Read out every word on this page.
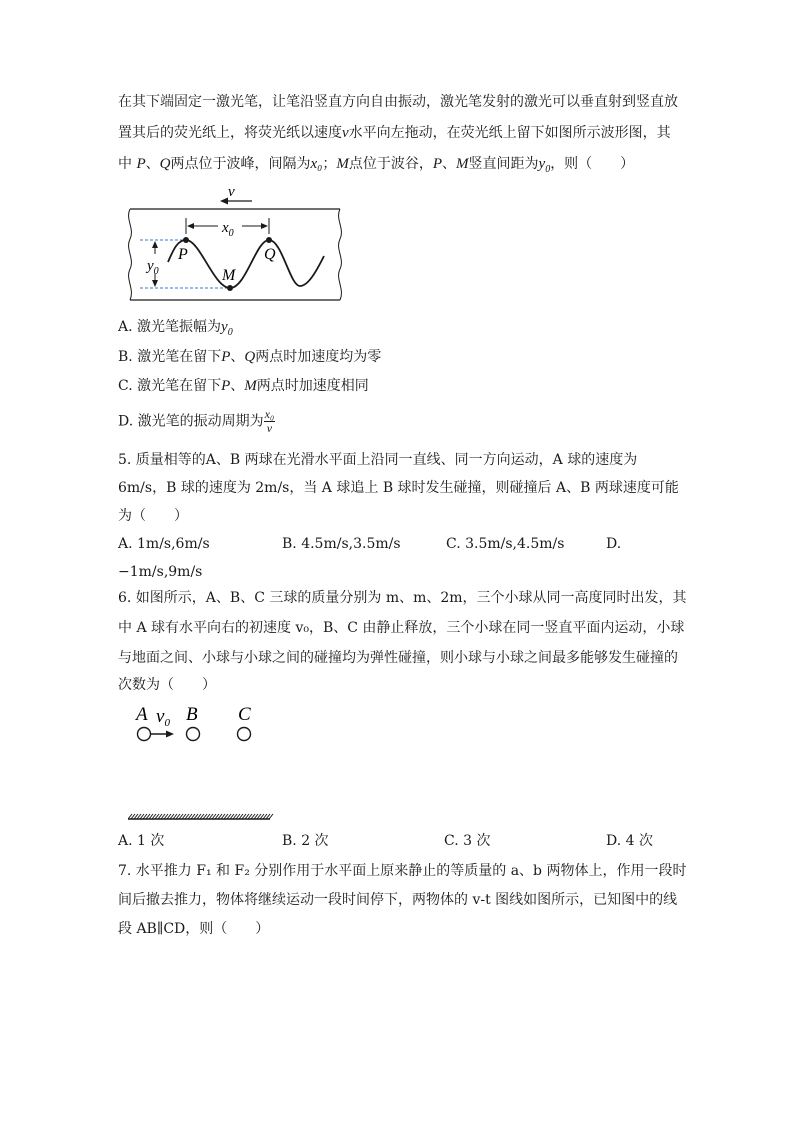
在其下端固定一激光笔，让笔沿竖直方向自由振动，激光笔发射的激光可以垂直射到竖直放
置其后的荧光纸上，将荧光纸以速度v水平向左拖动，在荧光纸上留下如图所示波形图，其
中 P、Q两点位于波峰，间隔为x₀；M点位于波谷，P、M竖直间距为$y_0$，则（　　）
v
$x_0$
$y_0$
P	Q
M
A. 激光笔振幅为$y_0$
B. 激光笔在留下P、Q两点时加速度均为零
C. 激光笔在留下P、M两点时加速度相同
D. 激光笔的振动周期为 $\frac{\text{x₀}}{v}$
5. 质量相等的A、B 两球在光滑水平面上沿同一直线、同一方向运动，A 球的速度为
6m/s，B 球的速度为 2m/s，当 A 球追上 B 球时发生碰撞，则碰撞后 A、B 两球速度可能
为（　　）
A. 1m/s,6m/s	B. 4.5m/s,3.5m/s	C. 3.5m/s,4.5m/s	D.
−1m/s,9m/s
6. 如图所示，A、B、C 三球的质量分别为 m、m、2m，三个小球从同一高度同时出发，其
中 A 球有水平向右的初速度 v₀，B、C 由静止释放，三个小球在同一竖直平面内运动，小球
与地面之间、小球与小球之间的碰撞均为弹性碰撞，则小球与小球之间最多能够发生碰撞的
次数为（　　）
A $v_0$ B C
A. 1 次	B. 2 次	C. 3 次	D. 4 次
7. 水平推力 F₁ 和 F₂ 分别作用于水平面上原来静止的等质量的 a、b 两物体上，作用一段时
间后撤去推力，物体将继续运动一段时间停下，两物体的 v-t 图线如图所示，已知图中的线
段 AB∥CD，则（　　）
